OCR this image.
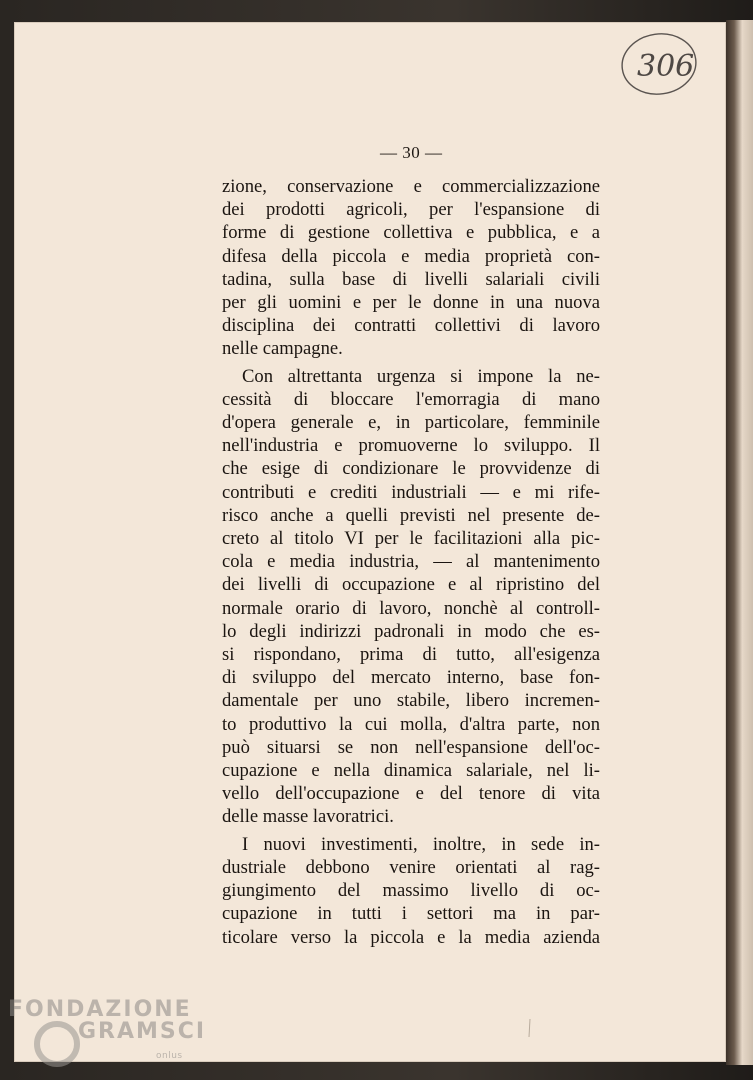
306
— 30 —

zione, conservazione e commercializzazione
dei prodotti agricoli, per l'espansione di
forme di gestione collettiva e pubblica, e a
difesa della piccola e media proprietà con-
tadina, sulla base di livelli salariali civili
per gli uomini e per le donne in una nuova
disciplina dei contratti collettivi di lavoro
nelle campagne.

Con altrettanta urgenza si impone la ne-
cessità di bloccare l'emorragia di mano
d'opera generale e, in particolare, femminile
nell'industria e promuoverne lo sviluppo. Il
che esige di condizionare le provvidenze di
contributi e crediti industriali — e mi rife-
risco anche a quelli previsti nel presente de-
creto al titolo VI per le facilitazioni alla pic-
cola e media industria, — al mantenimento
dei livelli di occupazione e al ripristino del
normale orario di lavoro, nonchè al controll-
lo degli indirizzi padronali in modo che es-
si rispondano, prima di tutto, all'esigenza
di sviluppo del mercato interno, base fon-
damentale per uno stabile, libero incremen-
to produttivo la cui molla, d'altra parte, non
può situarsi se non nell'espansione dell'oc-
cupazione e nella dinamica salariale, nel li-
vello dell'occupazione e del tenore di vita
delle masse lavoratrici.

I nuovi investimenti, inoltre, in sede in-
dustriale debbono venire orientati al rag-
giungimento del massimo livello di oc-
cupazione in tutti i settori ma in par-
ticolare verso la piccola e la media azienda

FONDAZIONE
GRAMSCI
onlus
